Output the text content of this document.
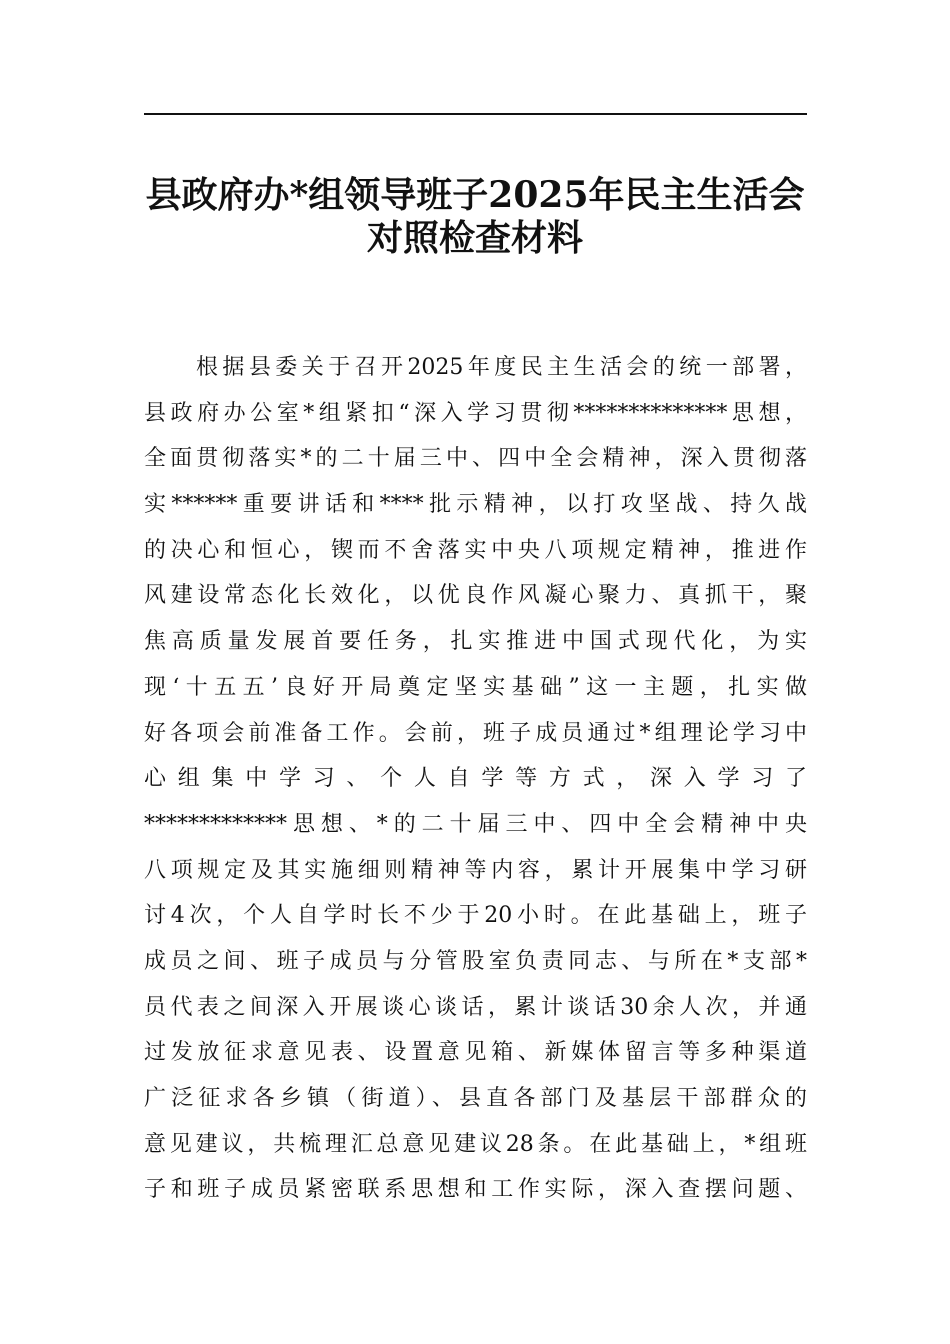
县政府办*组领导班子2025年民主生活会
对照检查材料
根据县委关于召开2025年度民主生活会的统一部署，
县政府办公室*组紧扣“深入学习贯彻**************思想，
全面贯彻落实*的二十届三中、四中全会精神，深入贯彻落
实******重要讲话和****批示精神，以打攻坚战、持久战
的决心和恒心，锲而不舍落实中央八项规定精神，推进作
风建设常态化长效化，以优良作风凝心聚力、真抓干，聚
焦高质量发展首要任务，扎实推进中国式现代化，为实
现‘十五五’良好开局奠定坚实基础”这一主题，扎实做
好各项会前准备工作。会前，班子成员通过*组理论学习中
心组集中学习、个人自学等方式，深入学习了
*************思想、*的二十届三中、四中全会精神中央
八项规定及其实施细则精神等内容，累计开展集中学习研
讨4次，个人自学时长不少于20小时。在此基础上，班子
成员之间、班子成员与分管股室负责同志、与所在*支部*
员代表之间深入开展谈心谈话，累计谈话30余人次，并通
过发放征求意见表、设置意见箱、新媒体留言等多种渠道
广泛征求各乡镇（街道）、县直各部门及基层干部群众的
意见建议，共梳理汇总意见建议28条。在此基础上，*组班
子和班子成员紧密联系思想和工作实际，深入查摆问题、
